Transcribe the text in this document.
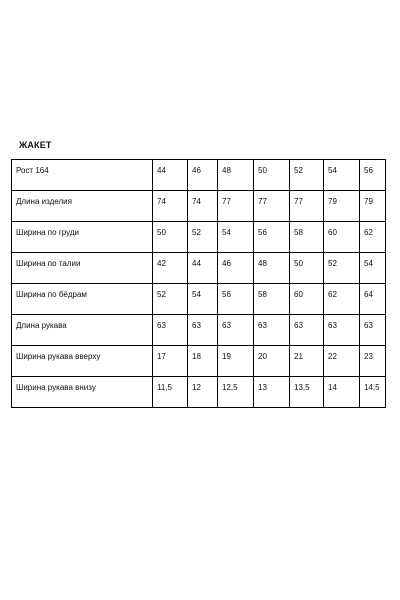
ЖАКЕТ
Рост 164	44	46	48	50	52	54	56
Длина изделия	74	74	77	77	77	79	79
Ширина по груди	50	52	54	56	58	60	62
Ширина по талии	42	44	46	48	50	52	54
Ширина по бёдрам	52	54	56	58	60	62	64
Длина рукава	63	63	63	63	63	63	63
Ширина рукава вверху	17	18	19	20	21	22	23
Ширина рукава внизу	11,5	12	12,5	13	13,5	14	14,5
